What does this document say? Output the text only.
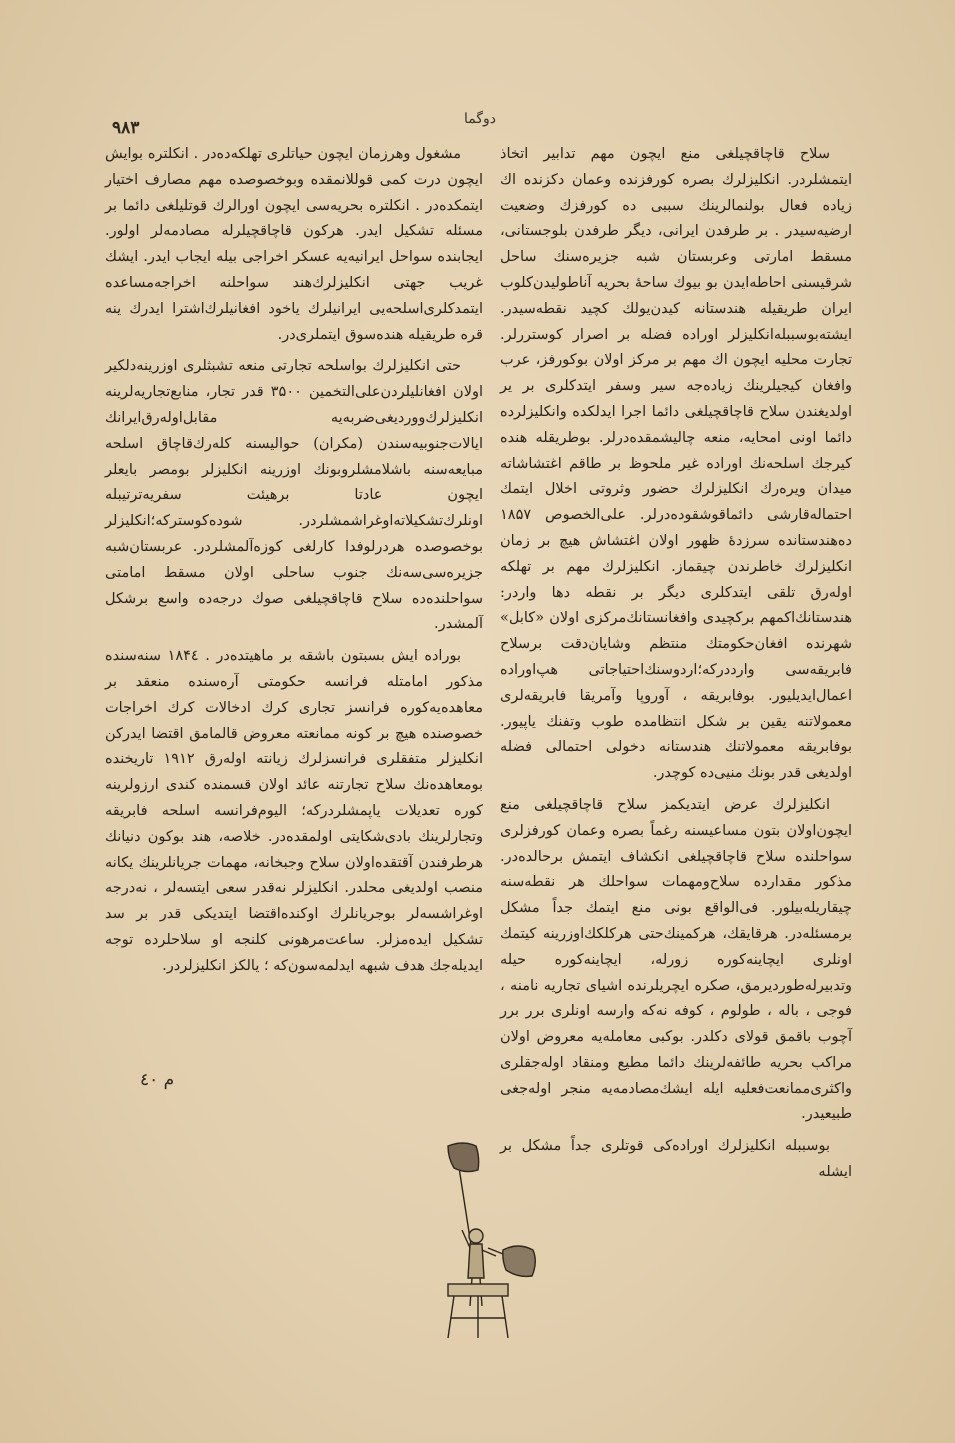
دوگما
۹۸۳

سلاح قاچاقچیلغی منع ایچون مهم تدابیر اتخاذ ایتمشلردر. انکلیزلرك بصره کورفزنده وعمان دکزنده اك زیاده فعال بولنمالرینك سببی ده کورفزك وضعیت ارضیه‌سیدر . بر طرفدن ایرانی، دیگر طرفدن بلوجستانی، مسقط امارتی وعربستان شبه جزیره‌سنك ساحل شرقیسنی احاطه‌ایدن بو بیوك ساحهٔ بحریه آناطولیدن‌کلوب ایران طریقیله هندستانه کیدن‌یولك کچید نقطه‌سیدر. ایشته‌بوسببله‌انکلیزلر اوراده فضله بر اصرار کوستررلر. تجارت محلیه ایچون اك مهم بر مرکز اولان بوکورفز، عرب وافغان کیجیلرینك زیاده‌جه سیر وسفر ایتدکلری بر یر اولدیغندن سلاح قاچاقچیلغی دائما اجرا ایدلکده وانکلیزلرده دائما اونی امحایه، منعه چالیشمقده‌درلر. بوطریقله هنده کیرجك اسلحه‌نك اوراده غیر ملحوظ بر طاقم اغتشاشاته میدان ویره‌رك انکلیزلرك حضور وثروتی اخلال ایتمك احتماله‌قارشی دائماقوشقوده‌درلر. علی‌الخصوص ۱۸۵۷ ده‌هندستانده سرزدهٔ ظهور اولان اغتشاش هیچ بر زمان انکلیزلرك خاطرندن چیقماز. انکلیزلرك مهم بر تهلکه اوله‌رق تلقی ایتدکلری دیگر بر نقطه دها واردر: هندستانك‌اکمهم برکچیدی وافغانستانك‌مرکزی اولان «کابل» شهرنده افغان‌حکومتك منتظم وشایان‌دقت برسلاح فابریقه‌سی وارددرکه؛اردوسنك‌احتیاجاتی هپ‌اوراده اعمال‌ایدیلیور. بوفابریقه ، آوروپا وآمریقا فابریقه‌لری معمولاتنه یقین بر شکل انتظامده طوب وتفنك یاپیور. بوفابریقه معمولاتنك هندستانه دخولی احتمالی فضله اولدیغی قدر بونك منیی‌ده کوچدر.

انکلیزلرك عرض ایتدیکمز سلاح قاچاقچیلغی منع ایچون‌اولان بتون مساعیسنه رغماً بصره وعمان کورفزلری سواحلنده سلاح قاچاقچیلغی انکشاف ایتمش برحالده‌در. مذکور مقدارده سلاح‌ومهمات سواحلك هر نقطه‌سنه چیقاریله‌بیلور. فی‌الواقع بونی منع ایتمك جداً مشکل برمسئله‌در. هرقایقك، هرکمینك‌حتی هرکلکك‌اوزرینه کیتمك اونلری ایچاینه‌کوره زورله، ایچاینه‌کوره حیله وتدبیرله‌طوردیرمق، صکره ایچریلرنده اشیای تجاریه نامنه ، فوجی ، باله ، طولوم ، کوفه نه‌که وارسه اونلری برر برر آچوب باقمق قولای دکلدر. بوکبی معامله‌یه معروض اولان مراکب بحریه طائفه‌لرینك دائما مطیع ومنقاد اوله‌جقلری واکثری‌ممانعت‌فعلیه ایله ایشك‌مصادمه‌یه منجر اوله‌جغی طبیعیدر.

بوسببله انکلیزلرك اوراده‌کی قوتلری جداً مشکل بر ایشله

مشغول وهرزمان ایچون حیاتلری تهلکه‌ده‌در . انکلتره بوایش ایچون درت کمی قوللانمقده وبوخصوصده مهم مصارف اختیار ایتمکده‌در . انکلتره بحریه‌سی ایچون اورالرك قوتلیلغی دائما بر مسئله تشکیل ایدر. هرکون قاچاقچیلرله مصادمه‌لر اولور. ایجابنده سواحل ایرانیه‌یه عسکر اخراجی بیله ایجاب ایدر. ایشك غریب جهتی انکلیزلرك‌هند سواحلنه اخراجه‌مساعده ایتمدکلری‌اسلحه‌یی ایرانیلرك یاخود افغانیلرك‌اشترا ایدرك ینه قره طریقیله هنده‌سوق ایتملری‌در.

حتی انکلیزلرك بواسلحه تجارتی منعه تشبثلری اوزرینه‌دلکیر اولان افغانلیلردن‌علی‌التخمین ۳۵۰۰ قدر تجار، منابع‌تجاریه‌لرینه انکلیزلرك‌ووردیغی‌ضربه‌یه مقابل‌اوله‌رق‌ایرانك ایالات‌جنوبیه‌سندن (مکران) حوالیسنه کله‌رك‌قاچاق اسلحه مبایعه‌سنه باشلامشلر‌وبونك اوزرینه انکلیزلر بومصر بایعلر ایچون عادتا برهیئت سفریه‌ترتیبله اونلرك‌تشکیلاته‌اوغراشمشلردر. شوده‌کوسترکه؛انکلیزلر بوخصوصده هردرلوفدا کارلغی کوزه‌آلمشلردر. عربستان‌شبه جزیره‌سی‌سه‌نك جنوب ساحلی اولان مسقط امامتی سواحلنده‌ده سلاح قاچاقچیلغی صوك درجه‌ده واسع برشکل آلمشدر.

بوراده ایش بسبتون باشقه بر ماهیتده‌در . ۱۸۴٤ سنه‌سنده مذکور امامتله فرانسه حکومتی آره‌سنده منعقد بر معاهده‌یه‌کوره فرانسز تجاری کرك ادخالات کرك اخراجات خصوصنده هیچ بر کونه ممانعته معروض قالمامق اقتضا ایدرکن انکلیزلر متفقلری فرانسزلرك زیانته اوله‌رق ۱۹۱۲ تاریخنده بومعاهده‌نك سلاح تجارتنه عائد اولان قسمنده کندی ارزولرینه کوره تعدیلات یاپمشلردرکه؛ الیوم‌فرانسه اسلحه فابریقه وتجارلرینك بادی‌شکایتی اولمقده‌در. خلاصه، هند بوکون دنیانك هرطرفندن آقتقده‌اولان سلاح وجبخانه، مهمات جریانلرینك یکانه منصب اولدیغی محلدر. انکلیزلر نه‌قدر سعی ایتسه‌لر ، نه‌درجه اوغراشسه‌لر بوجریانلرك اوکنده‌اقتضا ایتدیکی قدر بر سد تشکیل ایده‌مزلر. ساعت‌مرهونی کلنجه او سلاحلرده توجه ایدیله‌جك هدف شبهه ایدلمه‌سون‌که ؛ یالکز انکلیزلردر.

م ٤٠
